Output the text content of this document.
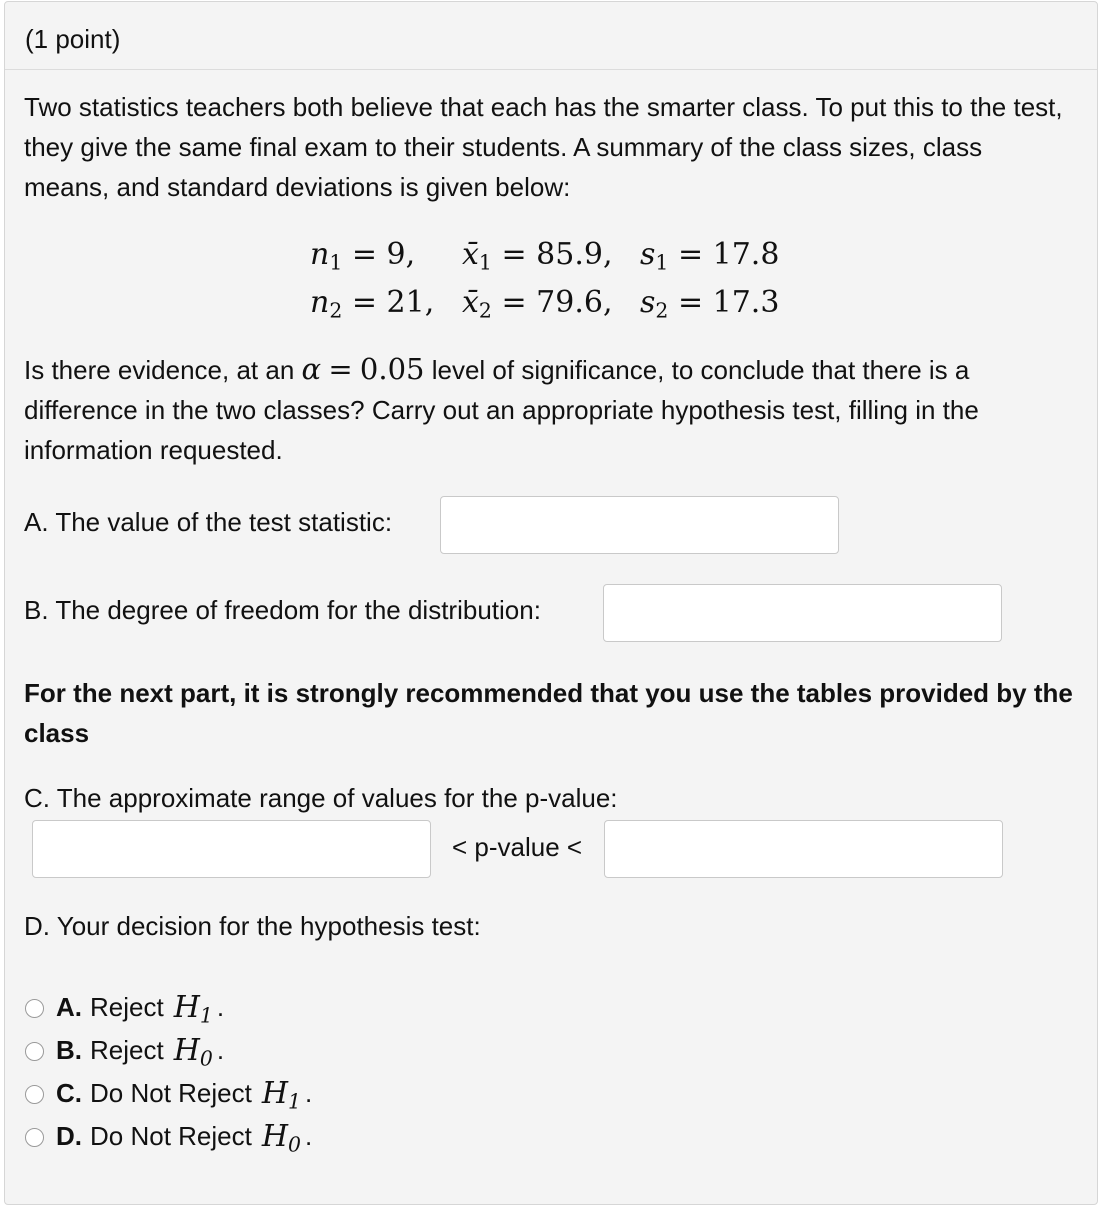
(1 point)

Two statistics teachers both believe that each has the smarter class. To put this to the test, they give the same final exam to their students. A summary of the class sizes, class means, and standard deviations is given below:

$n_1 = 9$,	$x̄_1 = 85.9$,	$s_1 = 17.8$
$n_2 = 21$,	$x̄_2 = 79.6$,	$s_2 = 17.3$

Is there evidence, at an α = 0.05 level of significance, to conclude that there is a difference in the two classes? Carry out an appropriate hypothesis test, filling in the information requested.

A. The value of the test statistic:
B. The degree of freedom for the distribution:

For the next part, it is strongly recommended that you use the tables provided by the class

C. The approximate range of values for the p-value:
< p-value <
D. Your decision for the hypothesis test:
A. Reject $H_1$ .
B. Reject $H_0$ .
C. Do Not Reject $H_1$ .
D. Do Not Reject $H_0$ .
